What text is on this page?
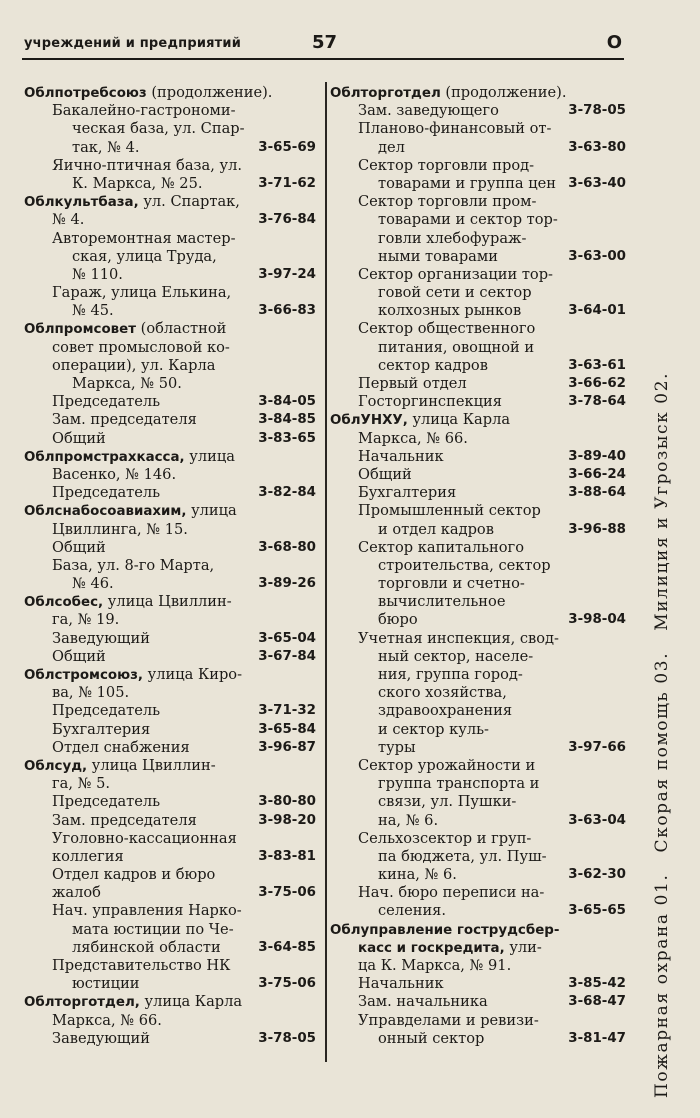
учреждений и предприятий	57	О
Облпотребсоюз (продолжение).
Бакалейно-гастрономи-
ческая база, ул. Спар-
так, № 4.	3-65-69
Яично-птичная база, ул.
К. Маркса, № 25.	3-71-62
Облкультбаза, ул. Спартак,
№ 4.	3-76-84
Авторемонтная мастер-
ская, улица Труда,
№ 110.	3-97-24
Гараж, улица Елькина,
№ 45.	3-66-83
Облпромсовет (областной
совет промысловой ко-
операции), ул. Карла
Маркса, № 50.
Председатель	3-84-05
Зам. председателя	3-84-85
Общий	3-83-65
Облпромстрахкасса, улица
Васенко, № 146.
Председатель	3-82-84
Облснабосоавиахим, улица
Цвиллинга, № 15.
Общий	3-68-80
База, ул. 8-го Марта,
№ 46.	3-89-26
Облсобес, улица Цвиллин-
га, № 19.
Заведующий	3-65-04
Общий	3-67-84
Облстромсоюз, улица Киро-
ва, № 105.
Председатель	3-71-32
Бухгалтерия	3-65-84
Отдел снабжения	3-96-87
Облсуд, улица Цвиллин-
га, № 5.
Председатель	3-80-80
Зам. председателя	3-98-20
Уголовно-кассационная
коллегия	3-83-81
Отдел кадров и бюро
жалоб	3-75-06
Нач. управления Нарко-
мата юстиции по Че-
лябинской области	3-64-85
Представительство НК
юстиции	3-75-06
Облторготдел, улица Карла
Маркса, № 66.
Заведующий	3-78-05
Облторготдел (продолжение).
Зам. заведующего	3-78-05
Планово-финансовый от-
дел	3-63-80
Сектор торговли прод-
товарами и группа цен 3-63-40
Сектор торговли пром-
товарами и сектор тор-
говли хлебофураж-
ными товарами	3-63-00
Сектор организации тор-
говой сети и сектор
колхозных рынков	3-64-01
Сектор общественного
питания, овощной и
сектор кадров	3-63-61
Первый отдел	3-66-62
Госторгинспекция	3-78-64
ОблУНХУ, улица Карла
Маркса, № 66.
Начальник	3-89-40
Общий	3-66-24
Бухгалтерия	3-88-64
Промышленный сектор
и отдел кадров	3-96-88
Сектор капитального
строительства, сектор
торговли и счетно-
вычислительное
бюро	3-98-04
Учетная инспекция, свод-
ный сектор, населе-
ния, группа город-
ского хозяйства,
здравоохранения
и сектор куль-
туры	3-97-66
Сектор урожайности и
группа транспорта и
связи, ул. Пушки-
на, № 6.	3-63-04
Сельхозсектор и груп-
па бюджета, ул. Пуш-
кина, № 6.	3-62-30
Нач. бюро переписи на-
селения.	3-65-65
Облуправление гострудсбер-
касс и госкредита, ули-
ца К. Маркса, № 91.
Начальник	3-85-42
Зам. начальника	3-68-47
Управделами и ревизи-
онный сектор	3-81-47 Пожарная охрана 01. Скорая помощь 03. Милиция и Угрозыск 02.
